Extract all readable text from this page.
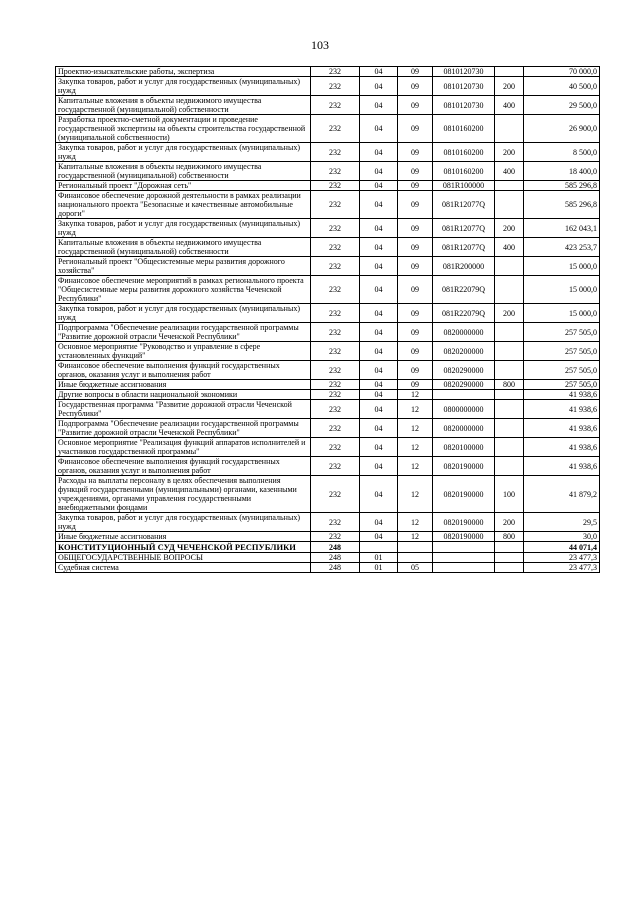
103
Проектно-изыскательские работы, экспертиза	232	04	09	0810120730		70 000,0
Закупка товаров, работ и услуг для государственных (муниципальных) нужд	232	04	09	0810120730	200	40 500,0
Капитальные вложения в объекты недвижимого имущества государственной (муниципальной) собственности	232	04	09	0810120730	400	29 500,0
Разработка проектно-сметной документации и проведение государственной экспертизы на объекты строительства государственной (муниципальной собственности)	232	04	09	0810160200		26 900,0
Закупка товаров, работ и услуг для государственных (муниципальных) нужд	232	04	09	0810160200	200	8 500,0
Капитальные вложения в объекты недвижимого имущества государственной (муниципальной) собственности	232	04	09	0810160200	400	18 400,0
Региональный проект "Дорожная сеть"	232	04	09	081R100000		585 296,8
Финансовое обеспечение дорожной деятельности в рамках реализации национального проекта "Безопасные и качественные автомобильные дороги"	232	04	09	081R12077Q		585 296,8
Закупка товаров, работ и услуг для государственных (муниципальных) нужд	232	04	09	081R12077Q	200	162 043,1
Капитальные вложения в объекты недвижимого имущества государственной (муниципальной) собственности	232	04	09	081R12077Q	400	423 253,7
Региональный проект "Общесистемные меры развития дорожного хозяйства"	232	04	09	081R200000		15 000,0
Финансовое обеспечение мероприятий в рамках регионального проекта "Общесистемные меры развития дорожного хозяйства Чеченской Республики"	232	04	09	081R22079Q		15 000,0
Закупка товаров, работ и услуг для государственных (муниципальных) нужд	232	04	09	081R22079Q	200	15 000,0
Подпрограмма "Обеспечение реализации государственной программы "Развитие дорожной отрасли Чеченской Республики"	232	04	09	0820000000		257 505,0
Основное мероприятие "Руководство и управление в сфере установленных функций"	232	04	09	0820200000		257 505,0
Финансовое обеспечение выполнения функций государственных органов, оказания услуг и выполнения работ	232	04	09	0820290000		257 505,0
Иные бюджетные ассигнования	232	04	09	0820290000	800	257 505,0
Другие вопросы в области национальной экономики	232	04	12			41 938,6
Государственная программа "Развитие дорожной отрасли Чеченской Республики"	232	04	12	0800000000		41 938,6
Подпрограмма "Обеспечение реализации государственной программы "Развитие дорожной отрасли Чеченской Республики"	232	04	12	0820000000		41 938,6
Основное мероприятие "Реализация функций аппаратов исполнителей и участников государственной программы"	232	04	12	0820100000		41 938,6
Финансовое обеспечение выполнения функций государственных органов, оказания услуг и выполнения работ	232	04	12	0820190000		41 938,6
Расходы на выплаты персоналу в целях обеспечения выполнения функций государственными (муниципальными) органами, казенными учреждениями, органами управления государственными внебюджетными фондами	232	04	12	0820190000	100	41 879,2
Закупка товаров, работ и услуг для государственных (муниципальных) нужд	232	04	12	0820190000	200	29,5
Иные бюджетные ассигнования	232	04	12	0820190000	800	30,0
КОНСТИТУЦИОННЫЙ СУД ЧЕЧЕНСКОЙ РЕСПУБЛИКИ	248					44 071,4
ОБЩЕГОСУДАРСТВЕННЫЕ ВОПРОСЫ	248	01				23 477,3
Судебная система	248	01	05			23 477,3
